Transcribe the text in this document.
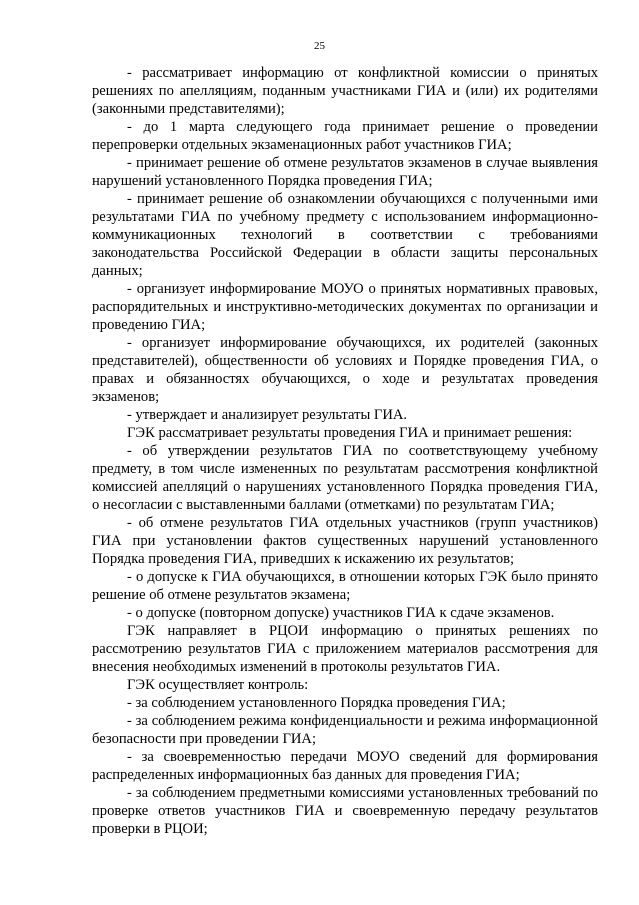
25

- рассматривает информацию от конфликтной комиссии о принятых решениях по апелляциям, поданным участниками ГИА и (или) их родителями (законными представителями);

- до 1 марта следующего года принимает решение о проведении перепроверки отдельных экзаменационных работ участников ГИА;

- принимает решение об отмене результатов экзаменов в случае выявления нарушений установленного Порядка проведения ГИА;

- принимает решение об ознакомлении обучающихся с полученными ими результатами ГИА по учебному предмету с использованием информационно-коммуникационных технологий в соответствии с требованиями законодательства Российской Федерации в области защиты персональных данных;

- организует информирование МОУО о принятых нормативных правовых, распорядительных и инструктивно-методических документах по организации и проведению ГИА;

- организует информирование обучающихся, их родителей (законных представителей), общественности об условиях и Порядке проведения ГИА, о правах и обязанностях обучающихся, о ходе и результатах проведения экзаменов;

- утверждает и анализирует результаты ГИА.

ГЭК рассматривает результаты проведения ГИА и принимает решения:

- об утверждении результатов ГИА по соответствующему учебному предмету, в том числе измененных по результатам рассмотрения конфликтной комиссией апелляций о нарушениях установленного Порядка проведения ГИА, о несогласии с выставленными баллами (отметками) по результатам ГИА;

- об отмене результатов ГИА отдельных участников (групп участников) ГИА при установлении фактов существенных нарушений установленного Порядка проведения ГИА, приведших к искажению их результатов;

- о допуске к ГИА обучающихся, в отношении которых ГЭК было принято решение об отмене результатов экзамена;

- о допуске (повторном допуске) участников ГИА к сдаче экзаменов.

ГЭК направляет в РЦОИ информацию о принятых решениях по рассмотрению результатов ГИА с приложением материалов рассмотрения для внесения необходимых изменений в протоколы результатов ГИА.

ГЭК осуществляет контроль:

- за соблюдением установленного Порядка проведения ГИА;

- за соблюдением режима конфиденциальности и режима информационной безопасности при проведении ГИА;

- за своевременностью передачи МОУО сведений для формирования распределенных информационных баз данных для проведения ГИА;

- за соблюдением предметными комиссиями установленных требований по проверке ответов участников ГИА и своевременную передачу результатов проверки в РЦОИ;
